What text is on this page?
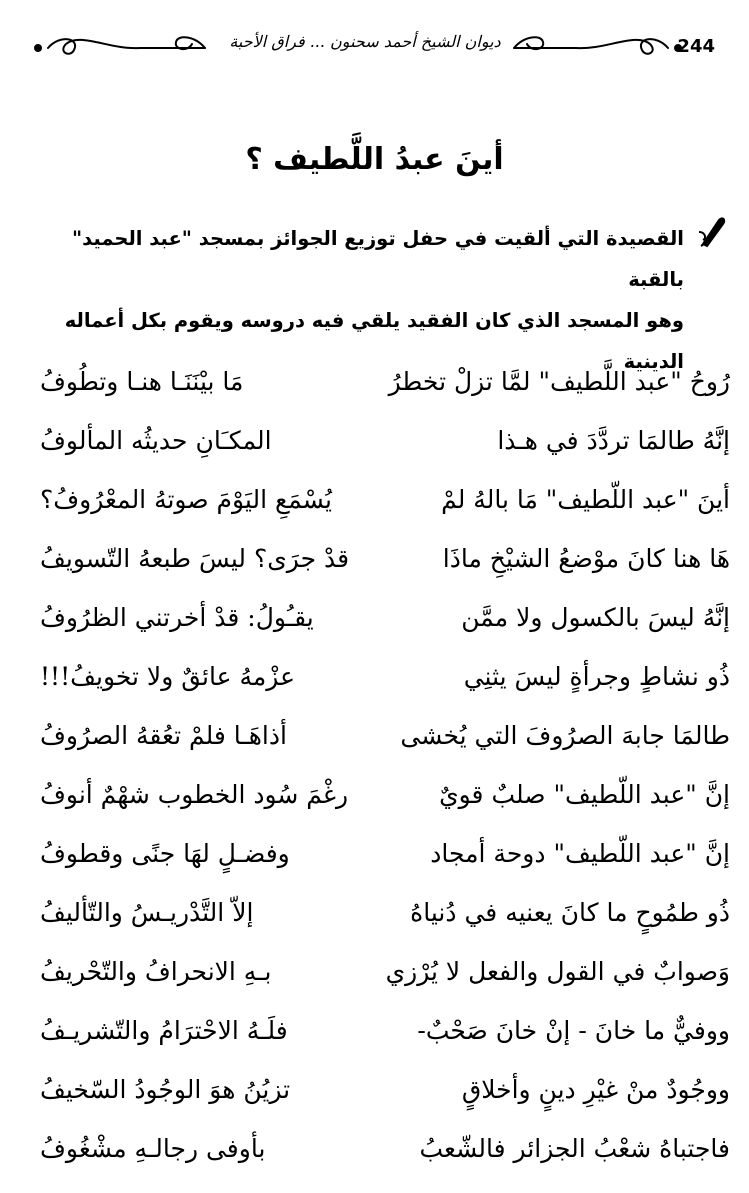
ديوان الشيخ أحمد سحنون ... فراق الأحبة	244
أينَ عبدُ اللَّطيف ؟
القصيدة التي ألقيت في حفل توزيع الجوائز بمسجد "عبد الحميد" بالقبة
وهو المسجد الذي كان الفقيد يلقي فيه دروسه ويقوم بكل أعماله الدينية
رُوحُ "عبد اللَّطيف" لمَّا تزلْ تخطرُ
مَا بيْنَنَـا هنـا وتطُوفُ
إنَّهُ طالمَا تردَّدَ في هـذا
المكـَانِ حديثُه المألوفُ
أينَ "عبد اللّطيف" مَا بالهُ لمْ
يُسْمَعِ اليَوْمَ صوتهُ المعْرُوفُ؟
هَا هنا كانَ موْضعُ الشيْخِ ماذَا
قدْ جرَى؟ ليسَ طبعهُ التّسويفُ
إنَّهُ ليسَ بالكسول ولا ممَّن
يقـُولُ: قدْ أخرتني الظرُوفُ
ذُو نشاطٍ وجرأةٍ ليسَ يثنِي
عزْمهُ عائقٌ ولا تخويفُ!!!
طالمَا جابهَ الصرُوفَ التي يُخشى
أذاهَـا فلمْ تعُقهُ الصرُوفُ
إنَّ "عبد اللّطيف" صلبٌ قويٌ
رغْمَ سُود الخطوب شهْمٌ أنوفُ
إنَّ "عبد اللّطيف" دوحة أمجاد
وفضـلٍ لهَا جنًى وقطوفُ
ذُو طمُوحٍ ما كانَ يعنيه في دُنياهُ
إلاّ التَّدْريـسُ والتّأليفُ
وَصوابٌ في القول والفعل لا يُرْزي
بـهِ الانحرافُ والتّحْريفُ
ووفيٌّ ما خانَ - إنْ خانَ صَحْبٌ-
فلَـهُ الاحْترَامُ والتّشريـفُ
ووجُودٌ منْ غيْرِ دينٍ وأخلاقٍ
تزيُنُ هوَ الوجُودُ السّخيفُ
فاجتباهُ شعْبُ الجزائر فالشّعبُ
بأوفى رجالـهِ مشْغُوفُ
